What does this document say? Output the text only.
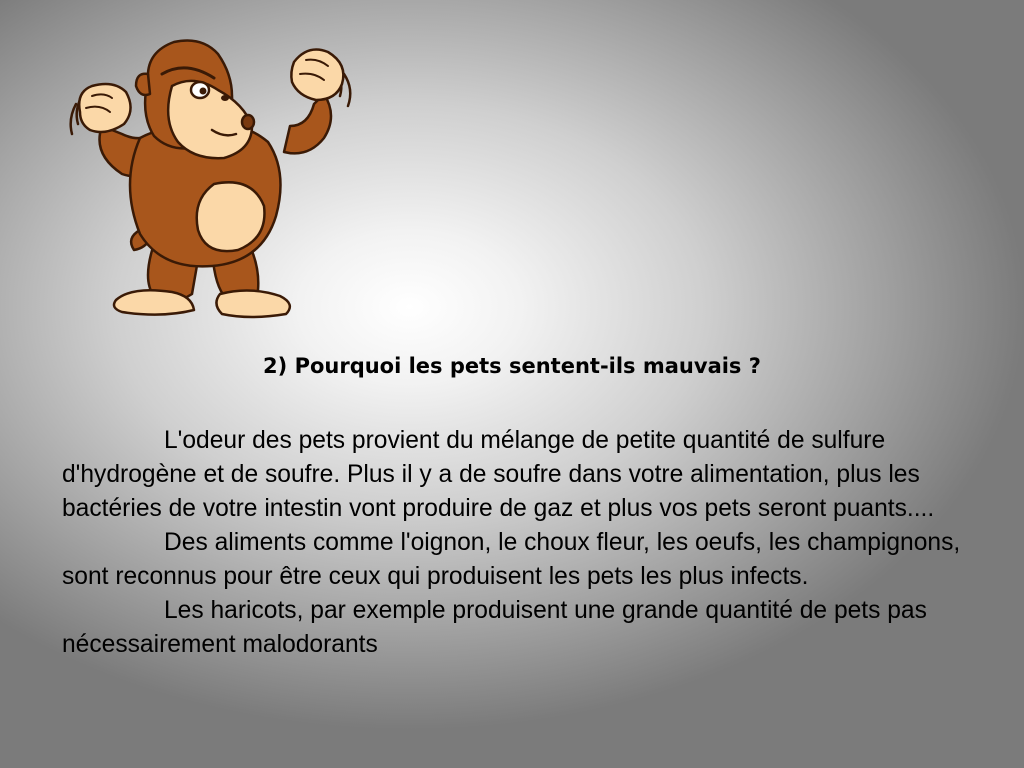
2) Pourquoi les pets sentent-ils mauvais ?

L'odeur des pets provient du mélange de petite quantité de sulfure d'hydrogène et de soufre. Plus il y a de soufre dans votre alimentation, plus les bactéries de votre intestin vont produire de gaz et plus vos pets seront puants....

Des aliments comme l'oignon, le choux fleur, les oeufs, les champignons, sont reconnus pour être ceux qui produisent les pets les plus infects.

Les haricots, par exemple produisent une grande quantité de pets pas nécessairement malodorants
